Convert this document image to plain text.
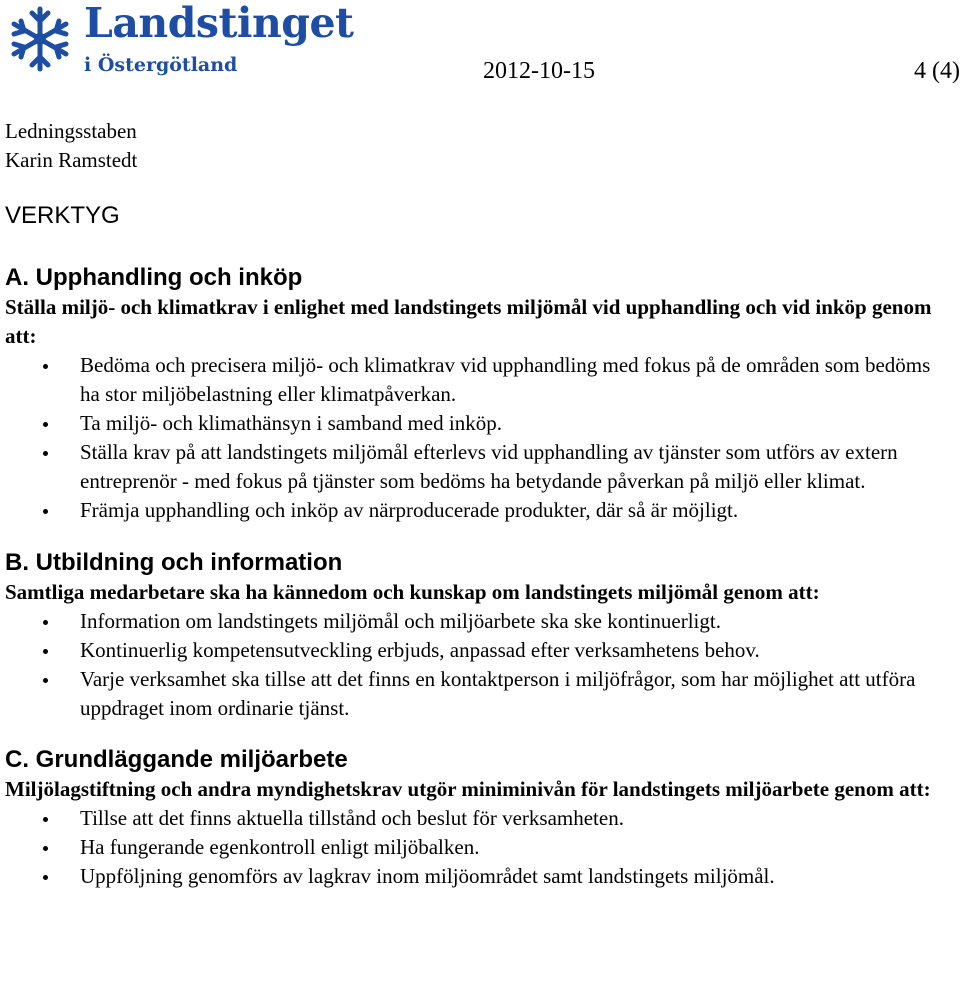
Landstinget
i Östergötland	2012-10-15	4 (4)
Ledningsstaben
Karin Ramstedt
VERKTYG
A. Upphandling och inköp

Ställa miljö- och klimatkrav i enlighet med landstingets miljömål vid upphandling och vid inköp genom att:

Bedöma och precisera miljö- och klimatkrav vid upphandling med fokus på de områden som bedöms ha stor miljöbelastning eller klimatpåverkan.
Ta miljö- och klimathänsyn i samband med inköp.
Ställa krav på att landstingets miljömål efterlevs vid upphandling av tjänster som utförs av extern entreprenör - med fokus på tjänster som bedöms ha betydande påverkan på miljö eller klimat.
Främja upphandling och inköp av närproducerade produkter, där så är möjligt.
B. Utbildning och information

Samtliga medarbetare ska ha kännedom och kunskap om landstingets miljömål genom att:

Information om landstingets miljömål och miljöarbete ska ske kontinuerligt.
Kontinuerlig kompetensutveckling erbjuds, anpassad efter verksamhetens behov.
Varje verksamhet ska tillse att det finns en kontaktperson i miljöfrågor, som har möjlighet att utföra uppdraget inom ordinarie tjänst.
C. Grundläggande miljöarbete

Miljölagstiftning och andra myndighetskrav utgör miniminivån för landstingets miljöarbete genom att:

Tillse att det finns aktuella tillstånd och beslut för verksamheten.
Ha fungerande egenkontroll enligt miljöbalken.
Uppföljning genomförs av lagkrav inom miljöområdet samt landstingets miljömål.
